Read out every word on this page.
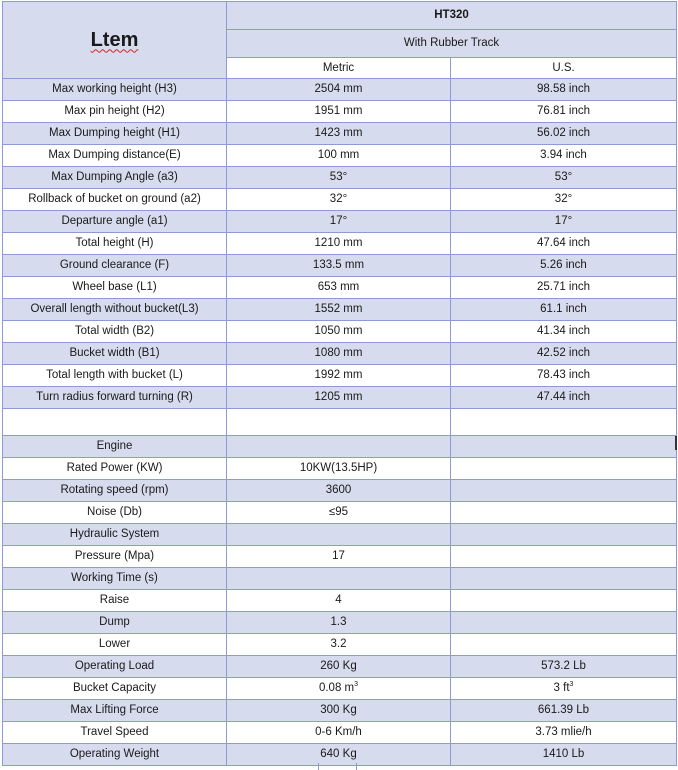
Ltem	HT320	
	With Rubber Track	
	Metric	U.S.
Max working height (H3)	2504 mm	98.58 inch
Max pin height (H2)	1951 mm	76.81 inch
Max Dumping height (H1)	1423 mm	56.02 inch
Max Dumping distance(E)	100 mm	3.94 inch
Max Dumping Angle (a3)	53°	53°
Rollback of bucket on ground (a2)	32°	32°
Departure angle (a1)	17°	17°
Total height (H)	1210 mm	47.64 inch
Ground clearance (F)	133.5 mm	5.26 inch
Wheel base (L1)	653 mm	25.71 inch
Overall length without bucket(L3)	1552 mm	61.1 inch
Total width (B2)	1050 mm	41.34 inch
Bucket width (B1)	1080 mm	42.52 inch
Total length with bucket (L)	1992 mm	78.43 inch
Turn radius forward turning (R)	1205 mm	47.44 inch

Engine		
Rated Power (KW)	10KW(13.5HP)	
Rotating speed (rpm)	3600	
Noise (Db)	≤95	
Hydraulic System		
Pressure (Mpa)	17	
Working Time (s)		
Raise	4	
Dump	1.3	
Lower	3.2	
Operating Load	260 Kg	573.2 Lb
Bucket Capacity	0.08 $m^3$	3 $ft^3$
Max Lifting Force	300 Kg	661.39 Lb
Travel Speed	0-6 Km/h	3.73 mlie/h
Operating Weight	640 Kg	1410 Lb
